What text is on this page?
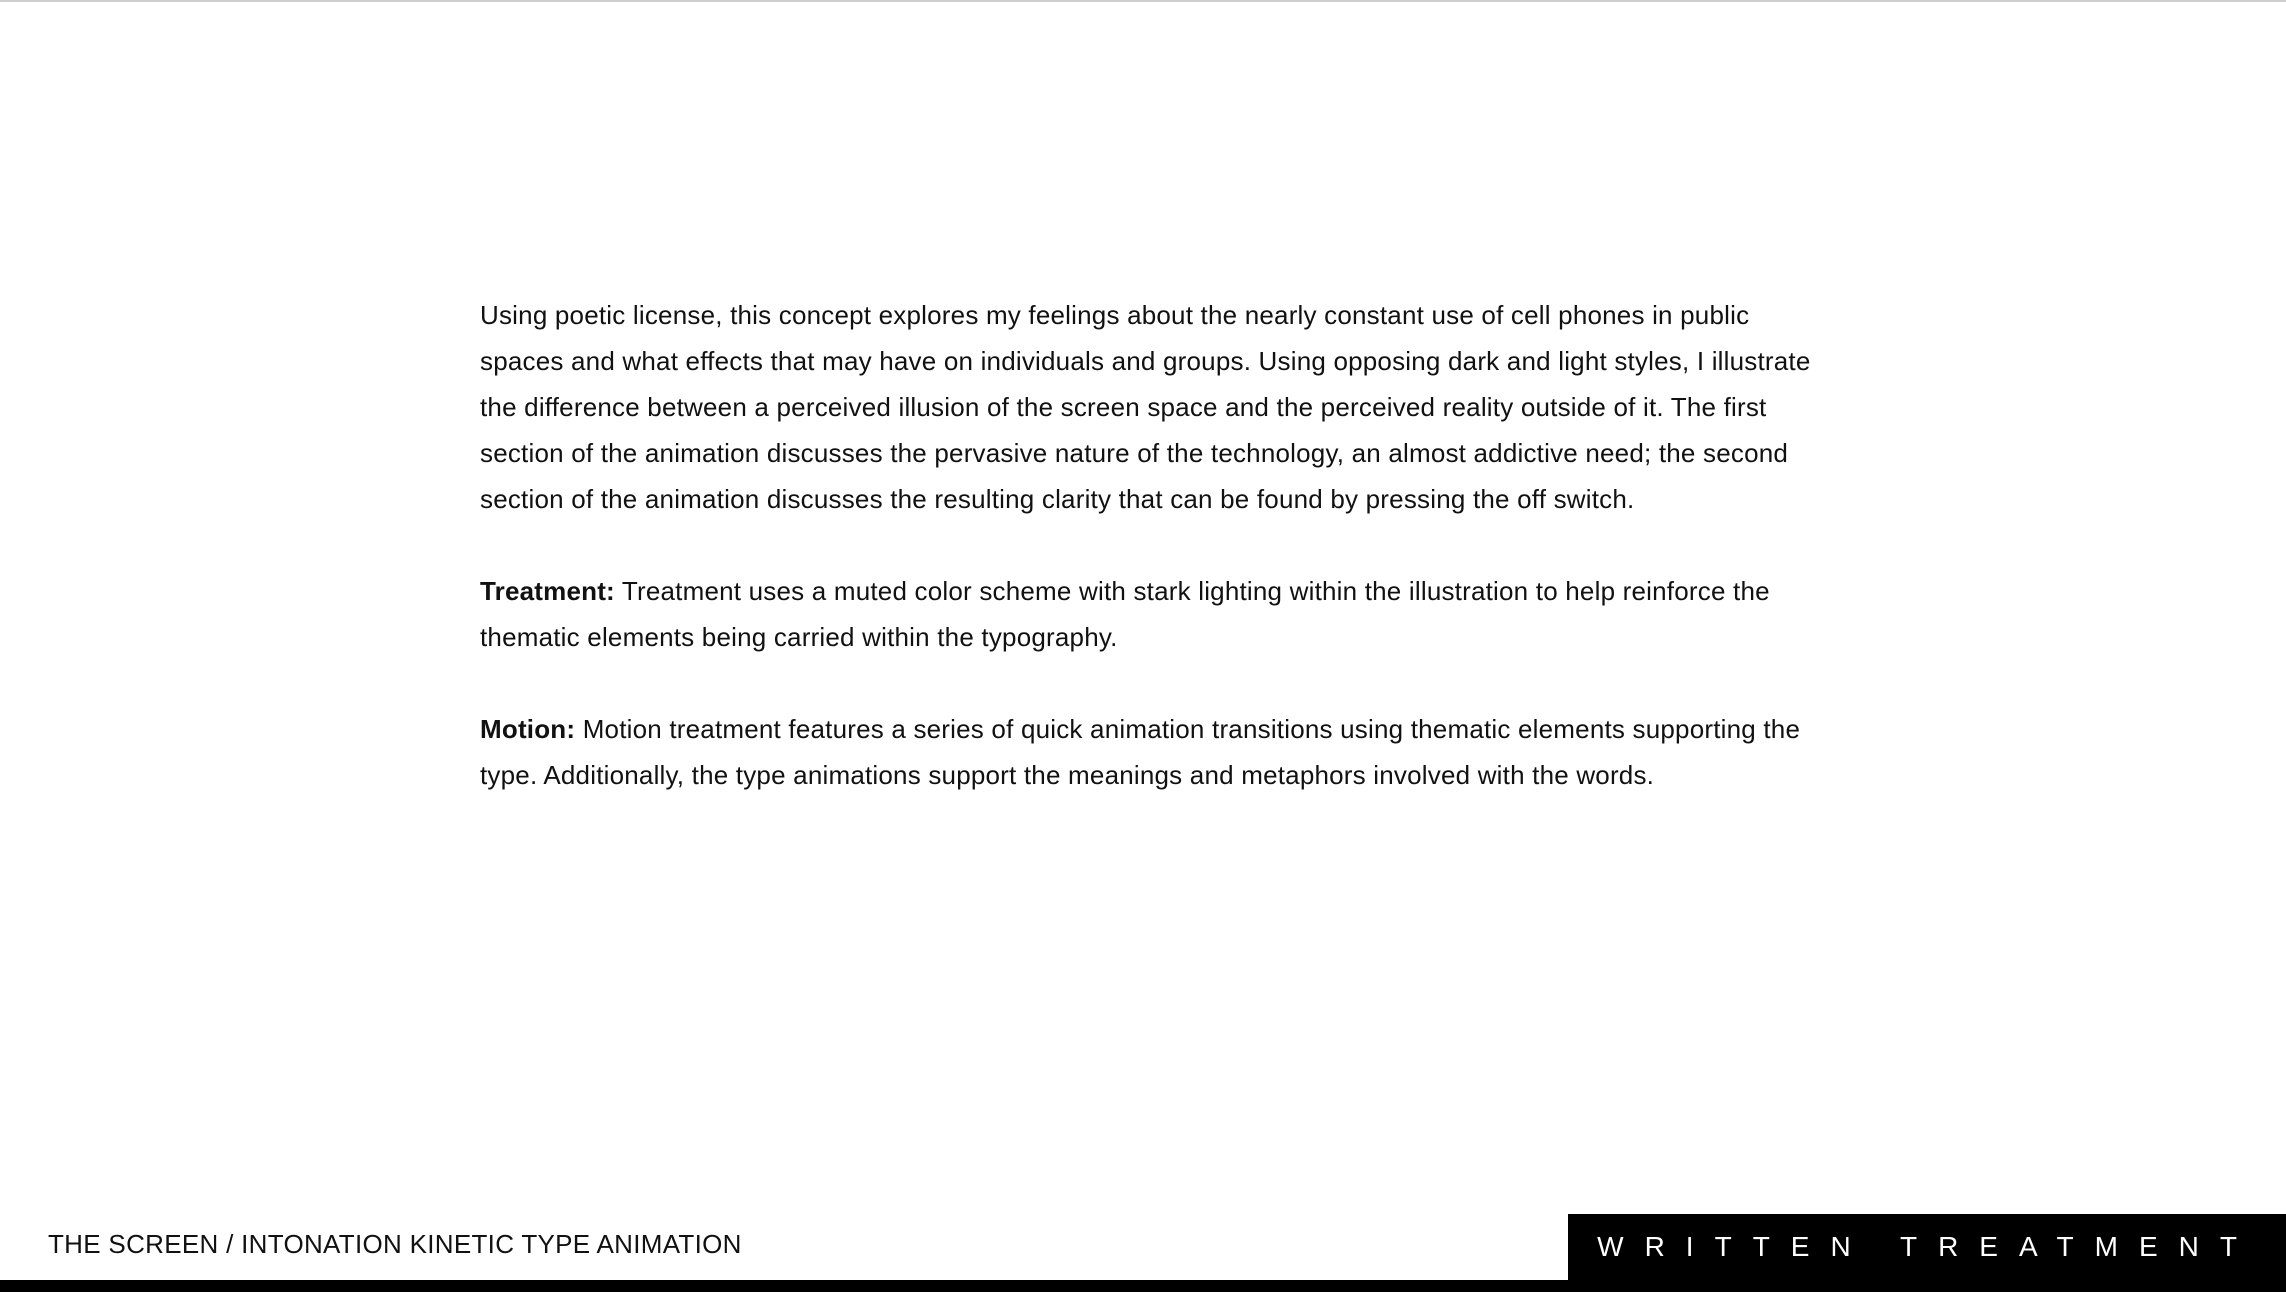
Using poetic license, this concept explores my feelings about the nearly constant use of cell phones in public spaces and what effects that may have on individuals and groups. Using opposing dark and light styles, I illustrate the difference between a perceived illusion of the screen space and the perceived reality outside of it. The first section of the animation discusses the pervasive nature of the technology, an almost addictive need; the second section of the animation discusses the resulting clarity that can be found by pressing the off switch.

Treatment: Treatment uses a muted color scheme with stark lighting within the illustration to help reinforce the thematic elements being carried within the typography.

Motion: Motion treatment features a series of quick animation transitions using thematic elements supporting the type. Additionally, the type animations support the meanings and metaphors involved with the words.

THE SCREEN / INTONATION KINETIC TYPE ANIMATION	WRITTEN TREATMENT
